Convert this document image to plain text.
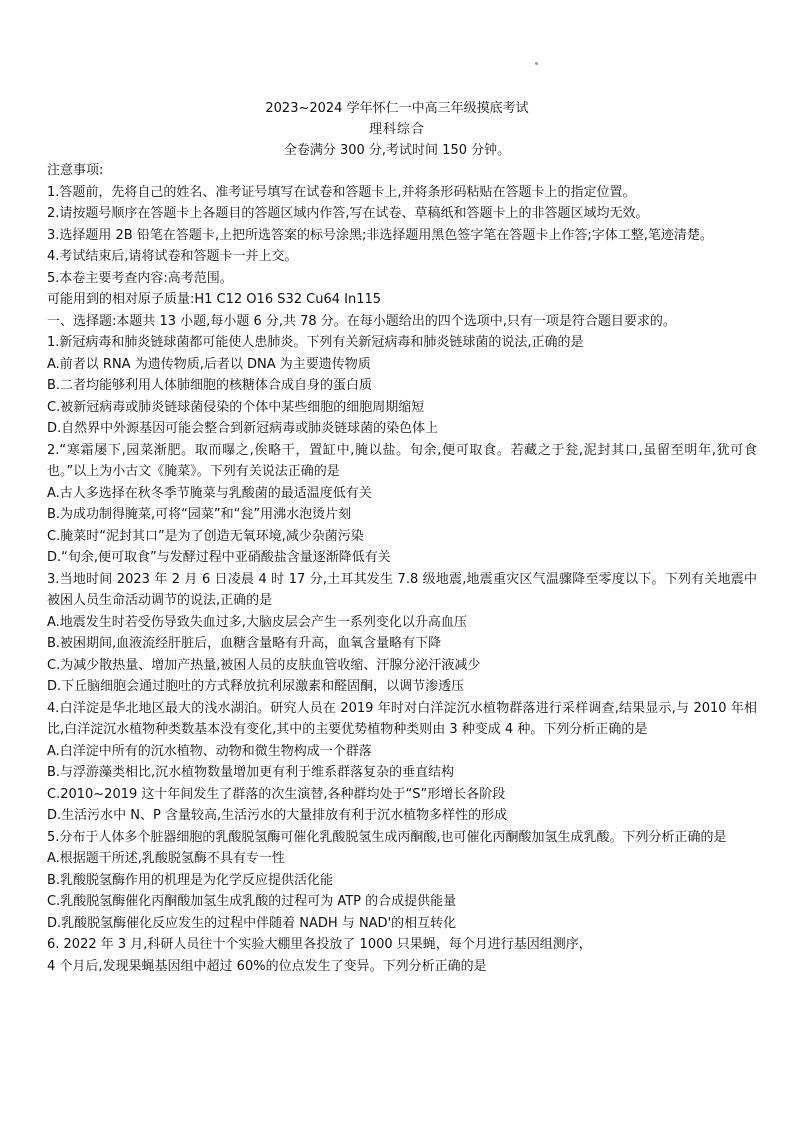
2023~2024 学年怀仁一中高三年级摸底考试
理科综合
全卷满分 300 分,考试时间 150 分钟。
注意事项:
1.答题前，先将自己的姓名、准考证号填写在试卷和答题卡上,并将条形码粘贴在答题卡上的指定位置。
2.请按题号顺序在答题卡上各题目的答题区域内作答,写在试卷、草稿纸和答题卡上的非答题区域均无效。
3.选择题用 2B 铅笔在答题卡,上把所选答案的标号涂黑;非选择题用黑色签字笔在答题卡上作答;字体工整,笔迹清楚。
4.考试结束后,请将试卷和答题卡一并上交。
5.本卷主要考查内容:高考范围。
可能用到的相对原子质量:H1 C12 O16 S32 Cu64 In115
一、选择题:本题共 13 小题,每小题 6 分,共 78 分。在每小题给出的四个选项中,只有一项是符合题目要求的。
1.新冠病毒和肺炎链球菌都可能使人患肺炎。下列有关新冠病毒和肺炎链球菌的说法,正确的是
A.前者以 RNA 为遗传物质,后者以 DNA 为主要遗传物质
B.二者均能够利用人体肺细胞的核糖体合成自身的蛋白质
C.被新冠病毒或肺炎链球菌侵染的个体中某些细胞的细胞周期缩短
D.自然界中外源基因可能会整合到新冠病毒或肺炎链球菌的染色体上
2.“寒霜屡下,园菜渐肥。取而曝之,俟略干，置缸中,腌以盐。旬余,便可取食。若藏之于瓮,泥封其口,虽留至明年,犹可食也。”以上为小古文《腌菜》。下列有关说法正确的是
A.古人多选择在秋冬季节腌菜与乳酸菌的最适温度低有关
B.为成功制得腌菜,可将“园菜”和“瓮”用沸水泡烫片刻
C.腌菜时“泥封其口”是为了创造无氧环境,减少杂菌污染
D.“旬余,便可取食”与发酵过程中亚硝酸盐含量逐渐降低有关
3.当地时间 2023 年 2 月 6 日凌晨 4 时 17 分,土耳其发生 7.8 级地震,地震重灾区气温骤降至零度以下。下列有关地震中被困人员生命活动调节的说法,正确的是
A.地震发生时若受伤导致失血过多,大脑皮层会产生一系列变化以升高血压
B.被困期间,血液流经肝脏后，血糖含量略有升高，血氧含量略有下降
C.为减少散热量、增加产热量,被困人员的皮肤血管收缩、汗腺分泌汗液减少
D.下丘脑细胞会通过胞吐的方式释放抗利尿激素和醛固酮，以调节渗透压
4.白洋淀是华北地区最大的浅水湖泊。研究人员在 2019 年时对白洋淀沉水植物群落进行采样调查,结果显示,与 2010 年相比,白洋淀沉水植物种类数基本没有变化,其中的主要优势植物种类则由 3 种变成 4 种。下列分析正确的是
A.白洋淀中所有的沉水植物、动物和微生物构成一个群落
B.与浮游藻类相比,沉水植物数量增加更有利于维系群落复杂的垂直结构
C.2010~2019 这十年间发生了群落的次生演替,各种群均处于“S”形增长各阶段
D.生活污水中 N、P 含量较高,生活污水的大量排放有利于沉水植物多样性的形成
5.分布于人体多个脏器细胞的乳酸脱氢酶可催化乳酸脱氢生成丙酮酸,也可催化丙酮酸加氢生成乳酸。下列分析正确的是
A.根据题干所述,乳酸脱氢酶不具有专一性
B.乳酸脱氢酶作用的机理是为化学反应提供活化能
C.乳酸脱氢酶催化丙酮酸加氢生成乳酸的过程可为 ATP 的合成提供能量
D.乳酸脱氢酶催化反应发生的过程中伴随着 NADH 与 NAD'的相互转化
6. 2022 年 3 月,科研人员往十个实验大棚里各投放了 1000 只果蝇，每个月进行基因组测序，
4 个月后,发现果蝇基因组中超过 60%的位点发生了变异。下列分析正确的是
